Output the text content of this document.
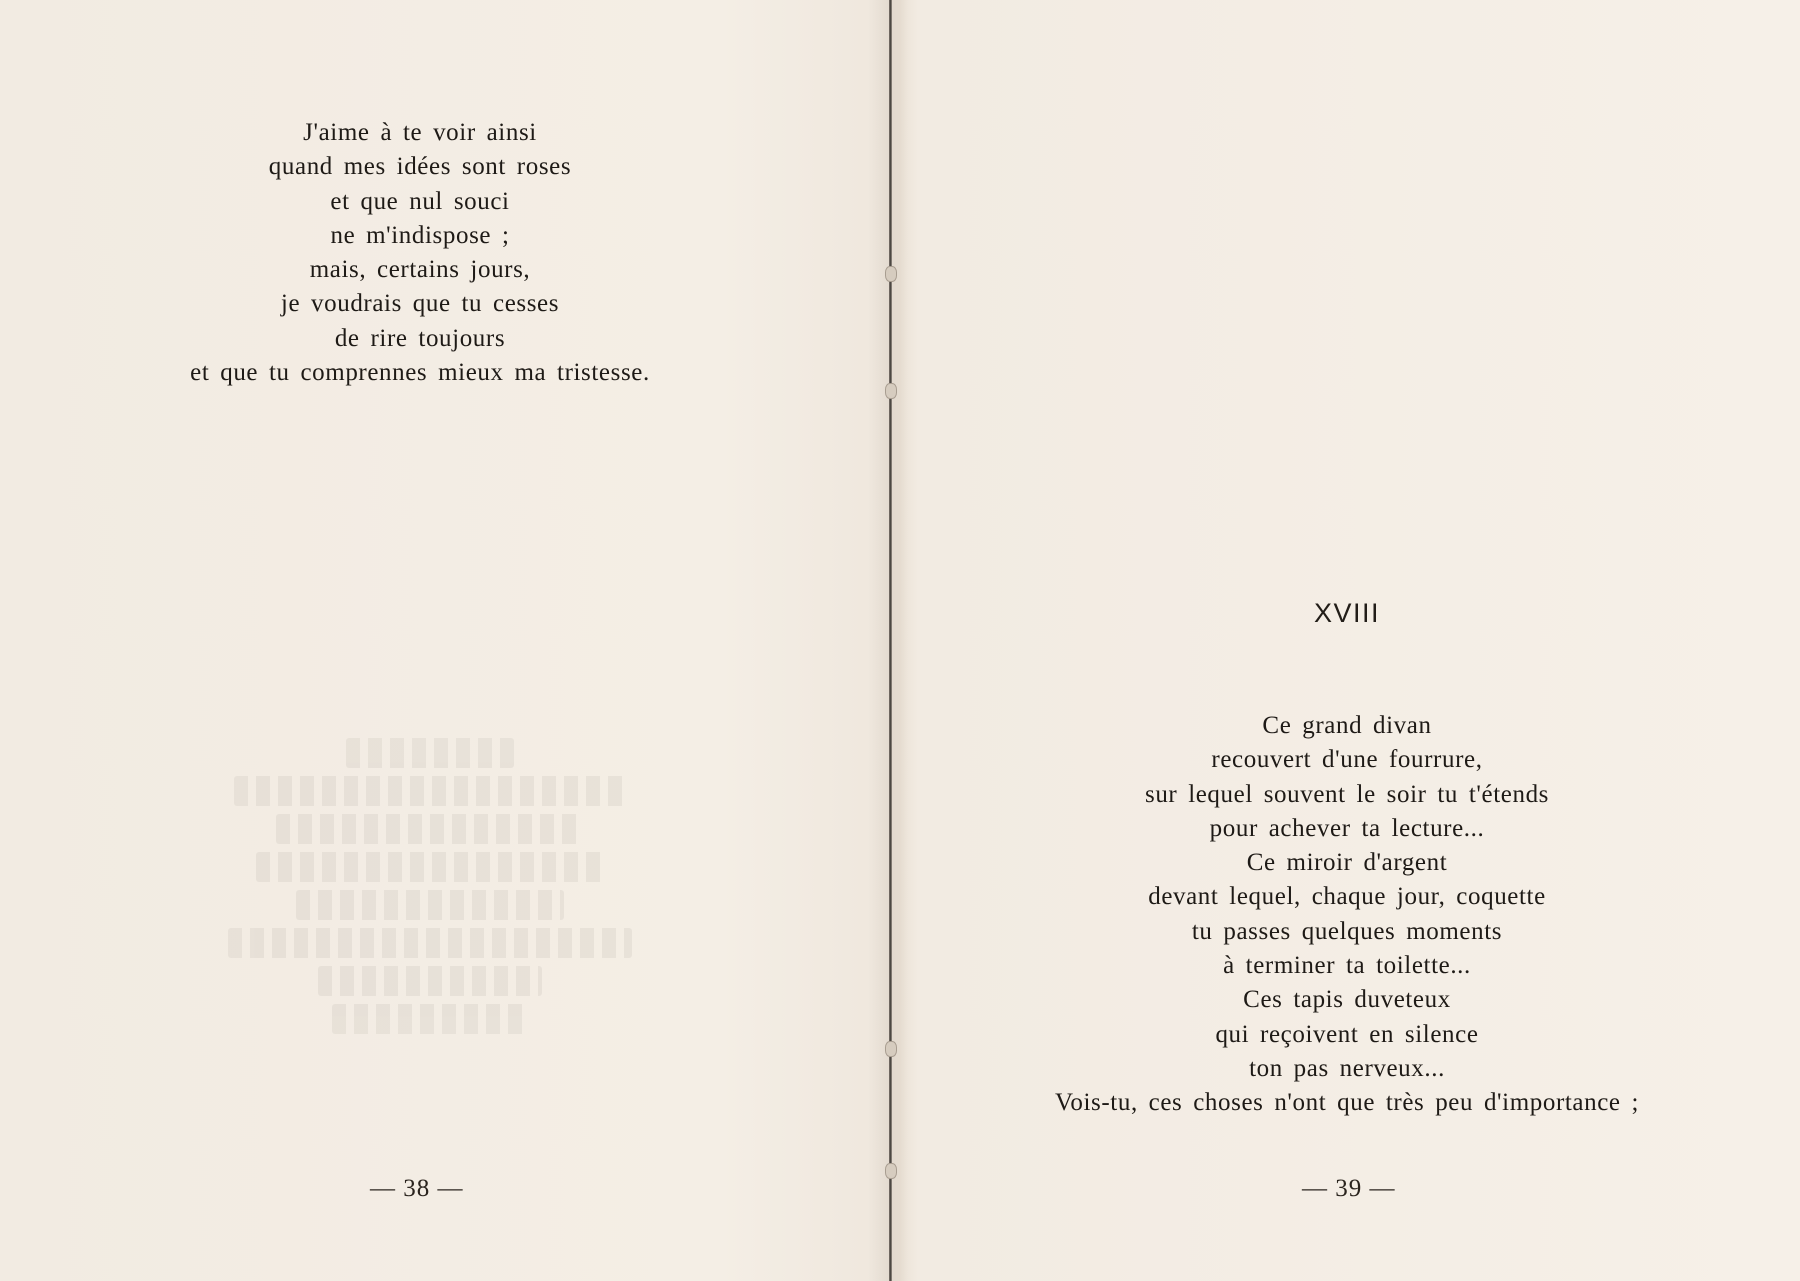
J'aime à te voir ainsi
quand mes idées sont roses
et que nul souci
ne m'indispose ;
mais, certains jours,
je voudrais que tu cesses
de rire toujours
et que tu comprennes mieux ma tristesse.
— 38 —
XVIII
Ce grand divan
recouvert d'une fourrure,
sur lequel souvent le soir tu t'étends
pour achever ta lecture...
Ce miroir d'argent
devant lequel, chaque jour, coquette
tu passes quelques moments
à terminer ta toilette...
Ces tapis duveteux
qui reçoivent en silence
ton pas nerveux...
Vois-tu, ces choses n'ont que très peu d'importance ;
— 39 —
